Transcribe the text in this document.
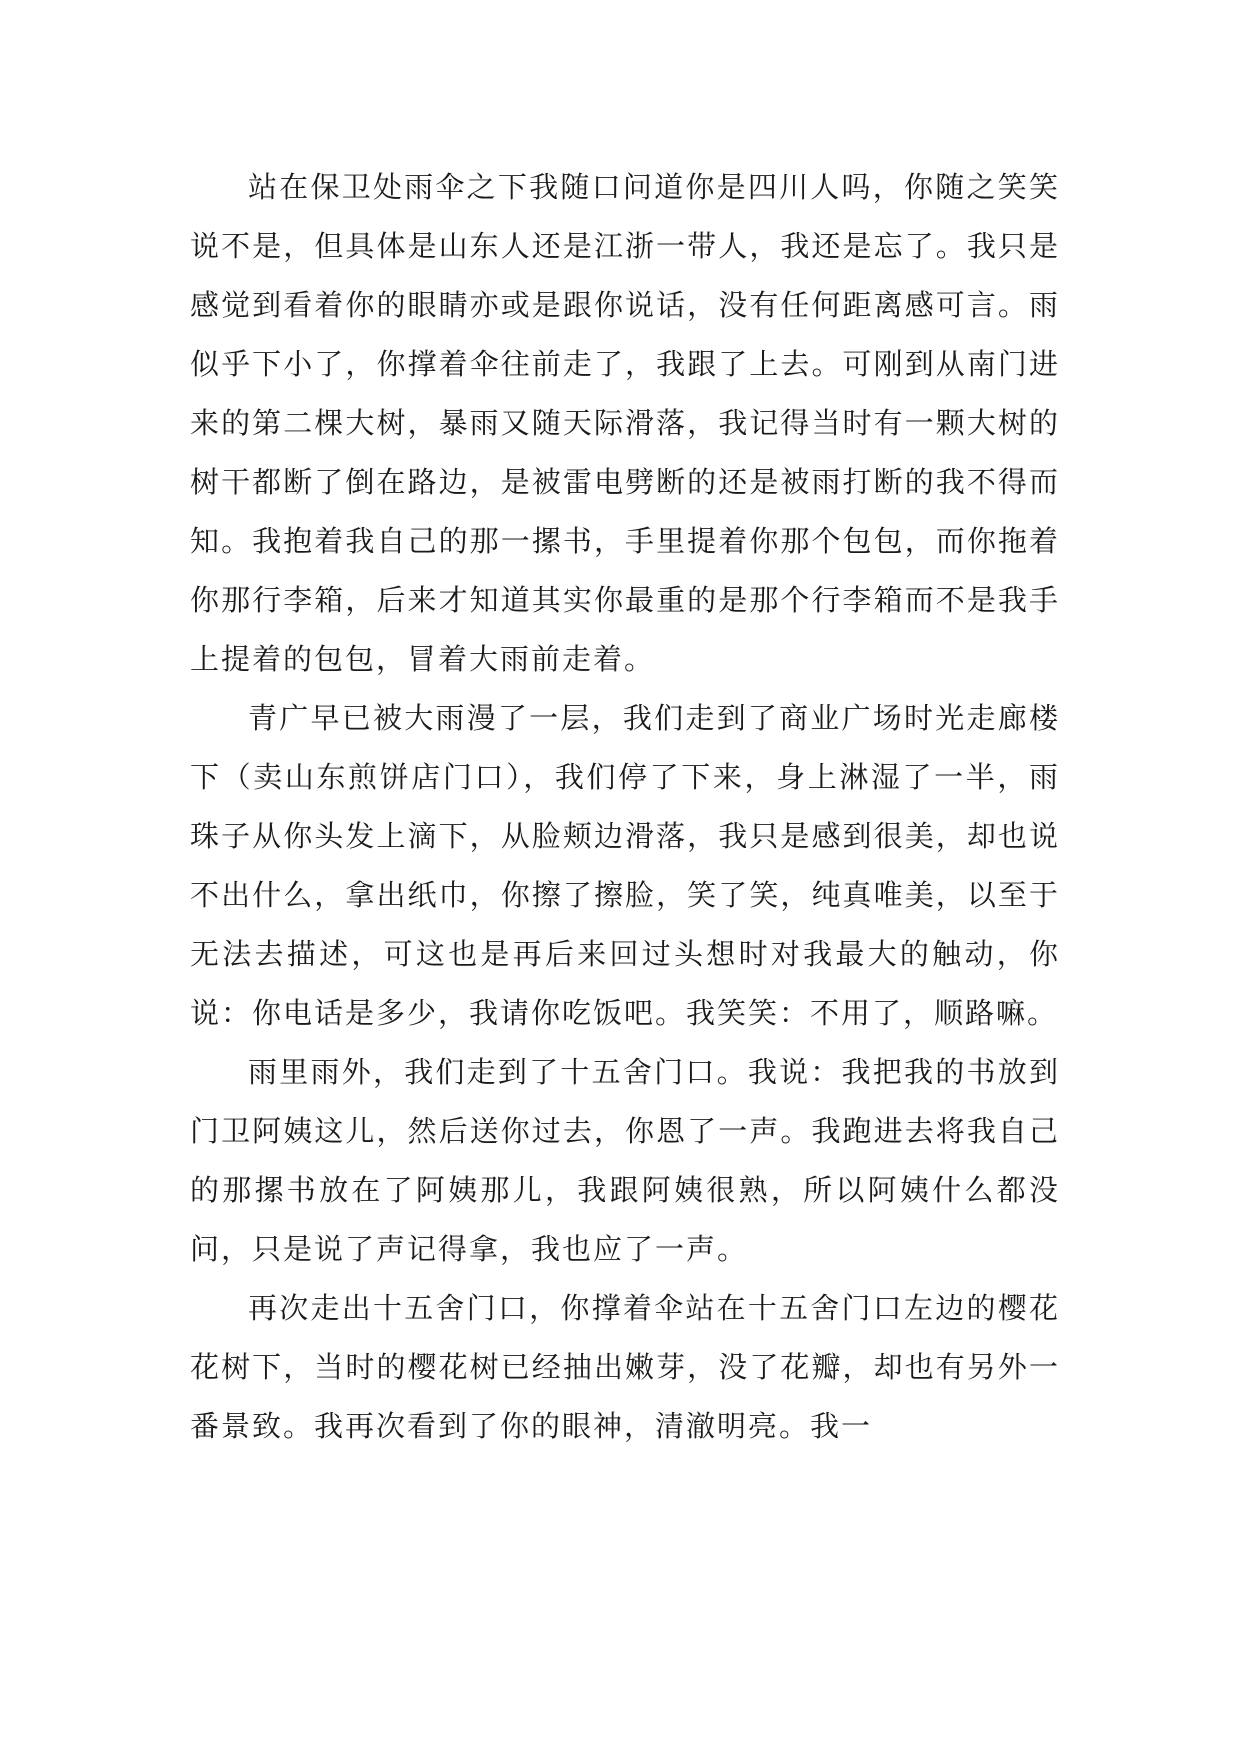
站在保卫处雨伞之下我随口问道你是四川人吗，你随之笑笑说不是，但具体是山东人还是江浙一带人，我还是忘了。我只是感觉到看着你的眼睛亦或是跟你说话，没有任何距离感可言。雨似乎下小了，你撑着伞往前走了，我跟了上去。可刚到从南门进来的第二棵大树，暴雨又随天际滑落，我记得当时有一颗大树的树干都断了倒在路边，是被雷电劈断的还是被雨打断的我不得而知。我抱着我自己的那一摞书，手里提着你那个包包，而你拖着你那行李箱，后来才知道其实你最重的是那个行李箱而不是我手上提着的包包，冒着大雨前走着。

青广早已被大雨漫了一层，我们走到了商业广场时光走廊楼下（卖山东煎饼店门口），我们停了下来，身上淋湿了一半，雨珠子从你头发上滴下，从脸颊边滑落，我只是感到很美，却也说不出什么，拿出纸巾，你擦了擦脸，笑了笑，纯真唯美，以至于无法去描述，可这也是再后来回过头想时对我最大的触动，你说：你电话是多少，我请你吃饭吧。我笑笑：不用了，顺路嘛。

雨里雨外，我们走到了十五舍门口。我说：我把我的书放到门卫阿姨这儿，然后送你过去，你恩了一声。我跑进去将我自己的那摞书放在了阿姨那儿，我跟阿姨很熟，所以阿姨什么都没问，只是说了声记得拿，我也应了一声。

再次走出十五舍门口，你撑着伞站在十五舍门口左边的樱花花树下，当时的樱花树已经抽出嫩芽，没了花瓣，却也有另外一番景致。我再次看到了你的眼神，清澈明亮。我一
